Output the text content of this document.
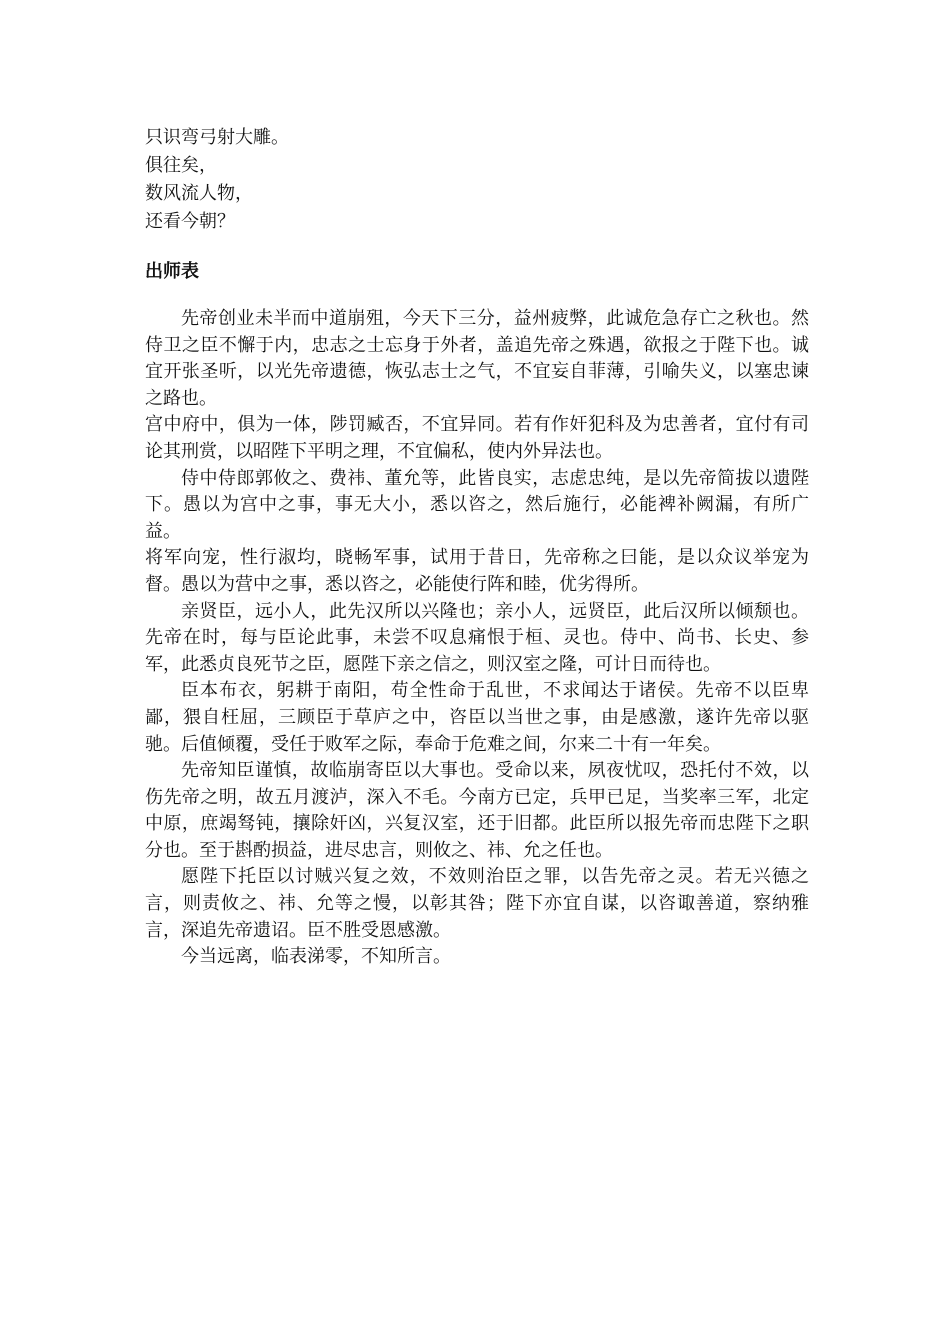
只识弯弓射大雕。
俱往矣，
数风流人物，
还看今朝？
出师表

先帝创业未半而中道崩殂，今天下三分，益州疲弊，此诚危急存亡之秋也。然侍卫之臣不懈于内，忠志之士忘身于外者，盖追先帝之殊遇，欲报之于陛下也。诚宜开张圣听，以光先帝遗德，恢弘志士之气，不宜妄自菲薄，引喻失义，以塞忠谏之路也。

宫中府中，俱为一体，陟罚臧否，不宜异同。若有作奸犯科及为忠善者，宜付有司论其刑赏，以昭陛下平明之理，不宜偏私，使内外异法也。

侍中侍郎郭攸之、费祎、董允等，此皆良实，志虑忠纯，是以先帝简拔以遗陛下。愚以为宫中之事，事无大小，悉以咨之，然后施行，必能裨补阙漏，有所广益。

将军向宠，性行淑均，晓畅军事，试用于昔日，先帝称之曰能，是以众议举宠为督。愚以为营中之事，悉以咨之，必能使行阵和睦，优劣得所。

亲贤臣，远小人，此先汉所以兴隆也；亲小人，远贤臣，此后汉所以倾颓也。先帝在时，每与臣论此事，未尝不叹息痛恨于桓、灵也。侍中、尚书、长史、参军，此悉贞良死节之臣，愿陛下亲之信之，则汉室之隆，可计日而待也。

臣本布衣，躬耕于南阳，苟全性命于乱世，不求闻达于诸侯。先帝不以臣卑鄙，猥自枉屈，三顾臣于草庐之中，咨臣以当世之事，由是感激，遂许先帝以驱驰。后值倾覆，受任于败军之际，奉命于危难之间，尔来二十有一年矣。

先帝知臣谨慎，故临崩寄臣以大事也。受命以来，夙夜忧叹，恐托付不效，以伤先帝之明，故五月渡泸，深入不毛。今南方已定，兵甲已足，当奖率三军，北定中原，庶竭驽钝，攘除奸凶，兴复汉室，还于旧都。此臣所以报先帝而忠陛下之职分也。至于斟酌损益，进尽忠言，则攸之、祎、允之任也。

愿陛下托臣以讨贼兴复之效，不效则治臣之罪，以告先帝之灵。若无兴德之言，则责攸之、祎、允等之慢，以彰其咎；陛下亦宜自谋，以咨诹善道，察纳雅言，深追先帝遗诏。臣不胜受恩感激。

今当远离，临表涕零，不知所言。
